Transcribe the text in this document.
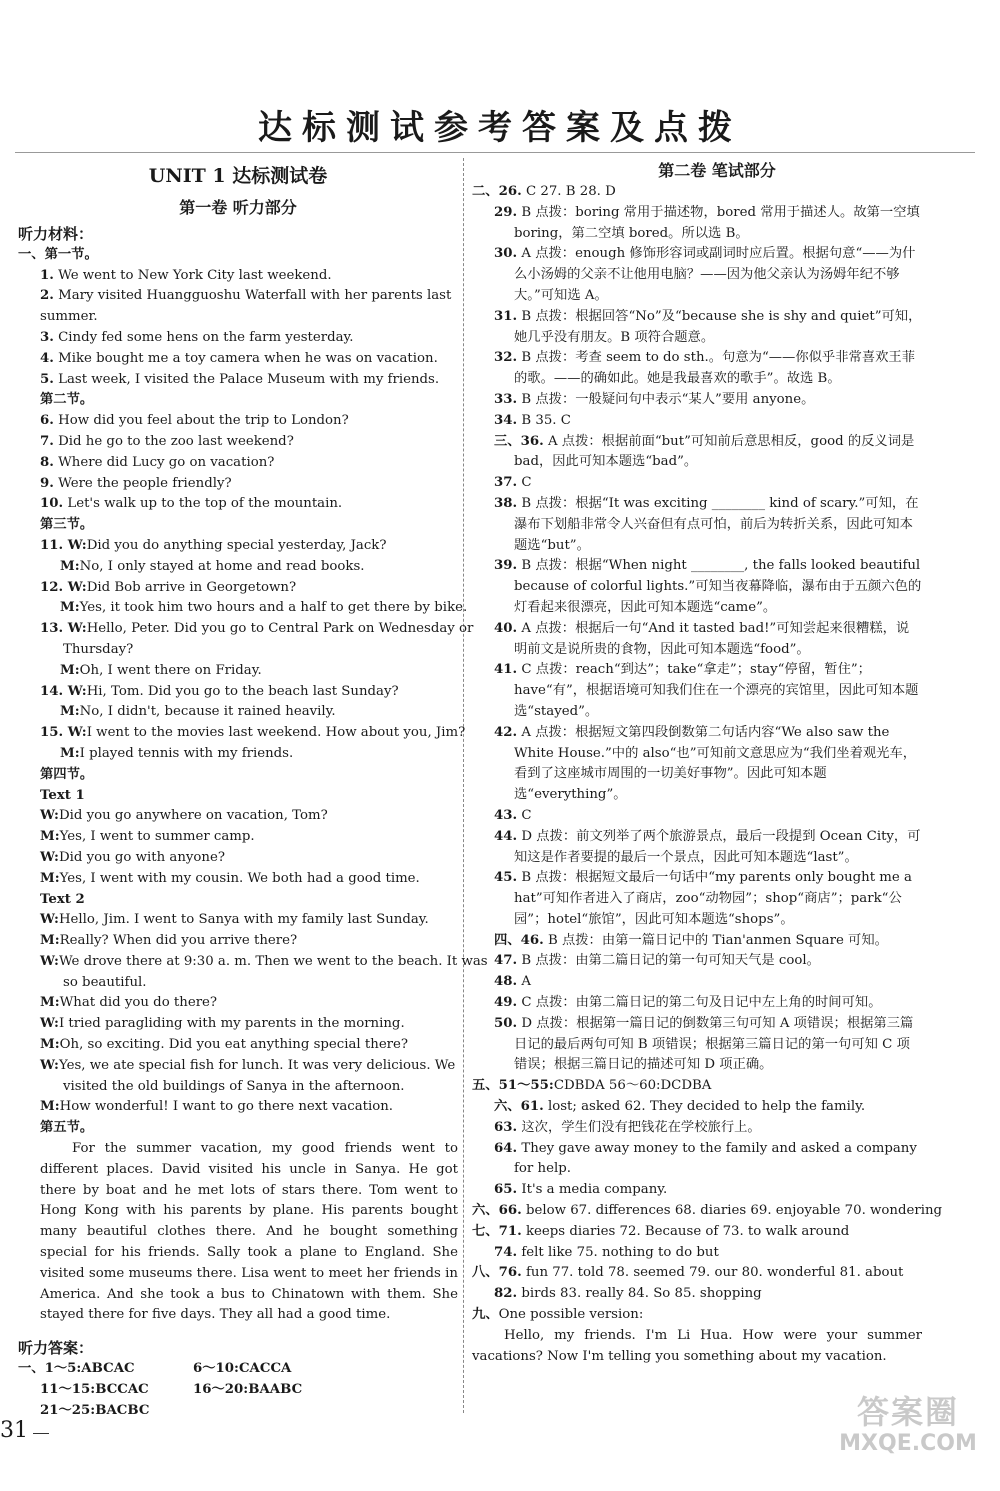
达标测试参考答案及点拨
UNIT 1 达标测试卷
第一卷 听力部分
听力材料：
一、第一节。
1. We went to New York City last weekend.
2. Mary visited Huangguoshu Waterfall with her parents last
summer.
3. Cindy fed some hens on the farm yesterday.
4. Mike bought me a toy camera when he was on vacation.
5. Last week, I visited the Palace Museum with my friends.
第二节。
6. How did you feel about the trip to London?
7. Did he go to the zoo last weekend?
8. Where did Lucy go on vacation?
9. Were the people friendly?
10. Let's walk up to the top of the mountain.
第三节。
11. W:Did you do anything special yesterday, Jack?
M:No, I only stayed at home and read books.
12. W:Did Bob arrive in Georgetown?
M:Yes, it took him two hours and a half to get there by bike.
13. W:Hello, Peter. Did you go to Central Park on Wednesday or
Thursday?
M:Oh, I went there on Friday.
14. W:Hi, Tom. Did you go to the beach last Sunday?
M:No, I didn't, because it rained heavily.
15. W:I went to the movies last weekend. How about you, Jim?
M:I played tennis with my friends.
第四节。
Text 1
W:Did you go anywhere on vacation, Tom?
M:Yes, I went to summer camp.
W:Did you go with anyone?
M:Yes, I went with my cousin. We both had a good time.
Text 2
W:Hello, Jim. I went to Sanya with my family last Sunday.
M:Really? When did you arrive there?
W:We drove there at 9:30 a. m. Then we went to the beach. It was
so beautiful.
M:What did you do there?
W:I tried paragliding with my parents in the morning.
M:Oh, so exciting. Did you eat anything special there?
W:Yes, we ate special fish for lunch. It was very delicious. We
visited the old buildings of Sanya in the afternoon.
M:How wonderful! I want to go there next vacation.
第五节。
For the summer vacation, my good friends went to different places. David visited his uncle in Sanya. He got there by boat and he met lots of stars there. Tom went to Hong Kong with his parents by plane. His parents bought many beautiful clothes there. And he bought something special for his friends. Sally took a plane to England. She visited some museums there. Lisa went to meet her friends in America. And she took a bus to Chinatown with them. She stayed there for five days. They all had a good time.
听力答案：
一、1～5:ABCAC	6～10:CACCA
11～15:BCCAC	16～20:BAABC
21～25:BACBC
第二卷 笔试部分
二、26. C 27. B 28. D
29. B 点拨：boring 常用于描述物，bored 常用于描述人。故第一空填 boring，第二空填 bored。所以选 B。
30. A 点拨：enough 修饰形容词或副词时应后置。根据句意“——为什么小汤姆的父亲不让他用电脑？——因为他父亲认为汤姆年纪不够大。”可知选 A。
31. B 点拨：根据回答“No”及“because she is shy and quiet”可知，她几乎没有朋友。B 项符合题意。
32. B 点拨：考查 seem to do sth.。句意为“——你似乎非常喜欢王菲的歌。——的确如此。她是我最喜欢的歌手”。故选 B。
33. B 点拨：一般疑问句中表示“某人”要用 anyone。
34. B 35. C
三、36. A 点拨：根据前面“but”可知前后意思相反，good 的反义词是 bad，因此可知本题选“bad”。
37. C
38. B 点拨：根据“It was exciting ________ kind of scary.”可知，在瀑布下划船非常令人兴奋但有点可怕，前后为转折关系，因此可知本题选“but”。
39. B 点拨：根据“When night ________, the falls looked beautiful because of colorful lights.”可知当夜幕降临，瀑布由于五颜六色的灯看起来很漂亮，因此可知本题选“came”。
40. A 点拨：根据后一句“And it tasted bad!”可知尝起来很糟糕，说明前文是说所贵的食物，因此可知本题选“food”。
41. C 点拨：reach“到达”；take“拿走”；stay“停留，暂住”；have“有”，根据语境可知我们住在一个漂亮的宾馆里，因此可知本题选“stayed”。
42. A 点拨：根据短文第四段倒数第二句话内容“We also saw the White House.”中的 also“也”可知前文意思应为“我们坐着观光车，看到了这座城市周围的一切美好事物”。因此可知本题选“everything”。
43. C
44. D 点拨：前文列举了两个旅游景点，最后一段提到 Ocean City，可知这是作者要提的最后一个景点，因此可知本题选“last”。
45. B 点拨：根据短文最后一句话中“my parents only bought me a hat”可知作者进入了商店，zoo“动物园”；shop“商店”；park“公园”；hotel“旅馆”，因此可知本题选“shops”。
四、46. B 点拨：由第一篇日记中的 Tian'anmen Square 可知。
47. B 点拨：由第二篇日记的第一句可知天气是 cool。
48. A
49. C 点拨：由第二篇日记的第二句及日记中左上角的时间可知。
50. D 点拨：根据第一篇日记的倒数第三句可知 A 项错误；根据第三篇日记的最后两句可知 B 项错误；根据第三篇日记的第一句可知 C 项错误；根据三篇日记的描述可知 D 项正确。
五、51～55:CDBDA 56～60:DCDBA
六、61. lost; asked 62. They decided to help the family.
63. 这次，学生们没有把钱花在学校旅行上。
64. They gave away money to the family and asked a company for help.
65. It's a media company.
六、66. below 67. differences 68. diaries 69. enjoyable 70. wondering
七、71. keeps diaries 72. Because of 73. to walk around
74. felt like 75. nothing to do but
八、76. fun 77. told 78. seemed 79. our 80. wonderful 81. about
82. birds 83. really 84. So 85. shopping
九、One possible version:
Hello, my friends. I'm Li Hua. How were your summer vacations? Now I'm telling you something about my vacation.
31	答案圈
MXQE.COM
